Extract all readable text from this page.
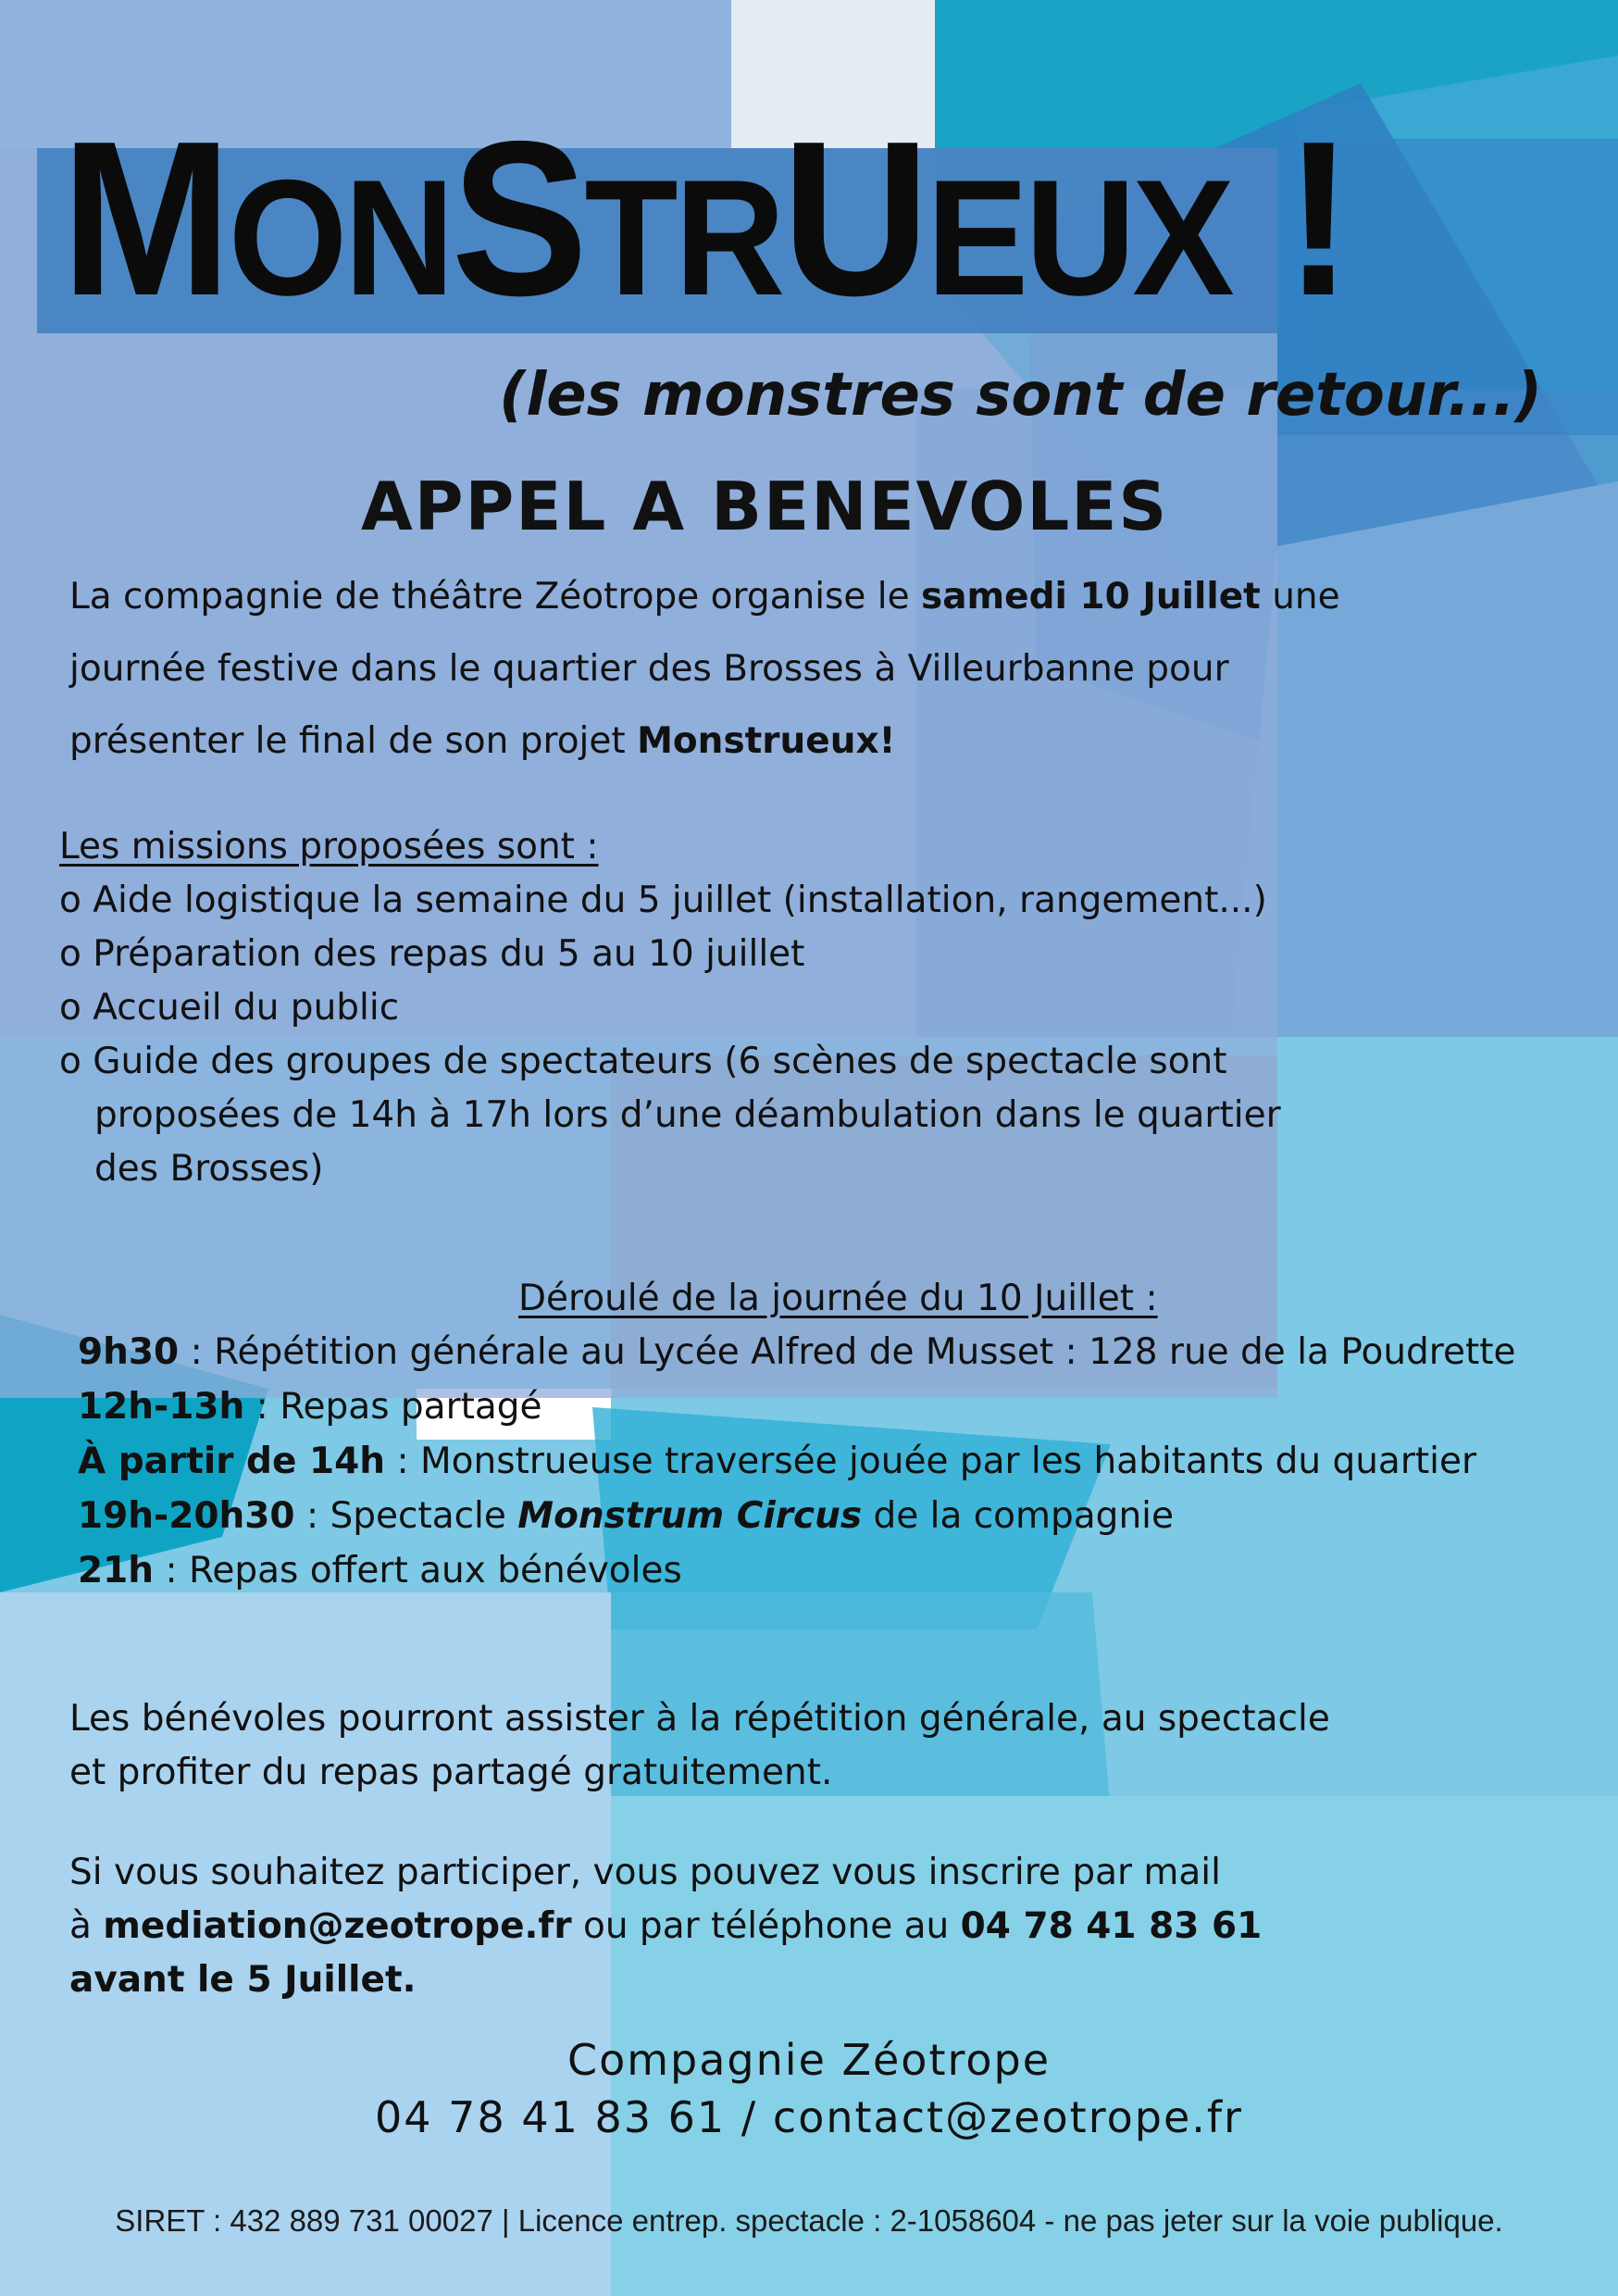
MONSTRUEUX !
(les monstres sont de retour...)
APPEL A BENEVOLES

La compagnie de théâtre Zéotrope organise le samedi 10 Juillet une

journée festive dans le quartier des Brosses à Villeurbanne pour

présenter le final de son projet Monstrueux!

Les missions proposées sont :
o Aide logistique la semaine du 5 juillet (installation, rangement...)
o Préparation des repas du 5 au 10 juillet
o Accueil du public
o Guide des groupes de spectateurs (6 scènes de spectacle sont
proposées de 14h à 17h lors d’une déambulation dans le quartier
des Brosses)
Déroulé de la journée du 10 Juillet :
9h30 : Répétition générale au Lycée Alfred de Musset : 128 rue de la Poudrette
12h-13h : Repas partagé
À partir de 14h : Monstrueuse traversée jouée par les habitants du quartier
19h-20h30 : Spectacle Monstrum Circus de la compagnie
21h : Repas offert aux bénévoles
Les bénévoles pourront assister à la répétition générale, au spectacle
et profiter du repas partagé gratuitement.
Si vous souhaitez participer, vous pouvez vous inscrire par mail
à mediation@zeotrope.fr ou par téléphone au 04 78 41 83 61
avant le 5 Juillet.
Compagnie Zéotrope
04 78 41 83 61 / contact@zeotrope.fr
SIRET : 432 889 731 00027 | Licence entrep. spectacle : 2-1058604 - ne pas jeter sur la voie publique.
